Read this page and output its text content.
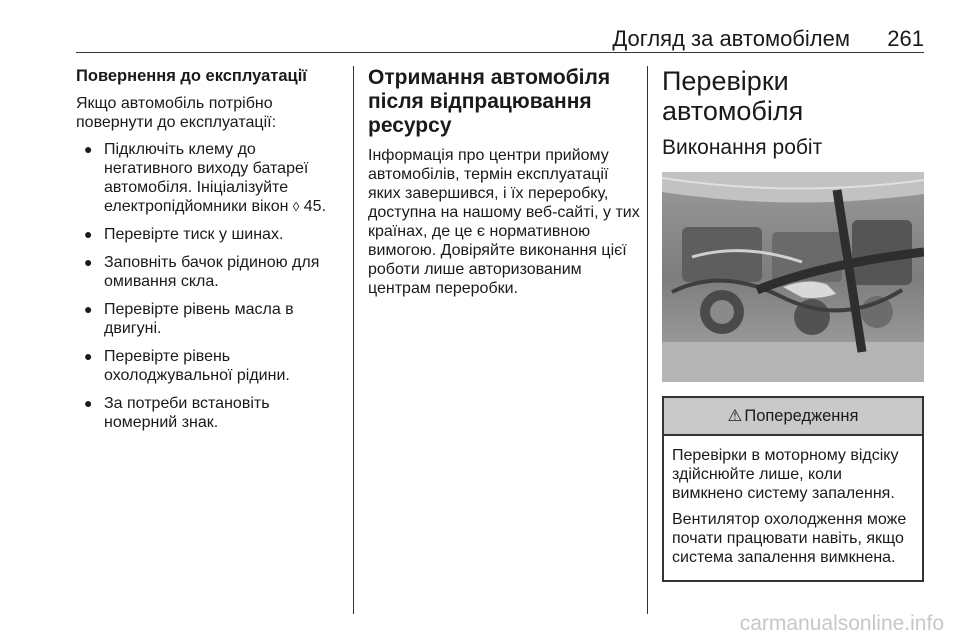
Догляд за автомобілем 261
Повернення до експлуатації

Якщо автомобіль потрібно повернути до експлуатації:

● Підключіть клему до негативного виходу батареї автомобіля. Ініціалізуйте електропідйомники вікон ◊ 45.
● Перевірте тиск у шинах.
● Заповніть бачок рідиною для омивання скла.
● Перевірте рівень масла в двигуні.
● Перевірте рівень охолоджувальної рідини.
● За потреби встановіть номерний знак.
Отримання автомобіля після відпрацювання ресурсу

Інформація про центри прийому автомобілів, термін експлуатації яких завершився, і їх переробку, доступна на нашому веб-сайті, у тих країнах, де це є нормативною вимогою. Довіряйте виконання цієї роботи лише авторизованим центрам переробки.

Перевірки автомобіля
Виконання робіт
⚠ Попередження

Перевірки в моторному відсіку здійснюйте лише, коли вимкнено систему запалення.

Вентилятор охолодження може почати працювати навіть, якщо система запалення вимкнена.

carmanualsonline.info
